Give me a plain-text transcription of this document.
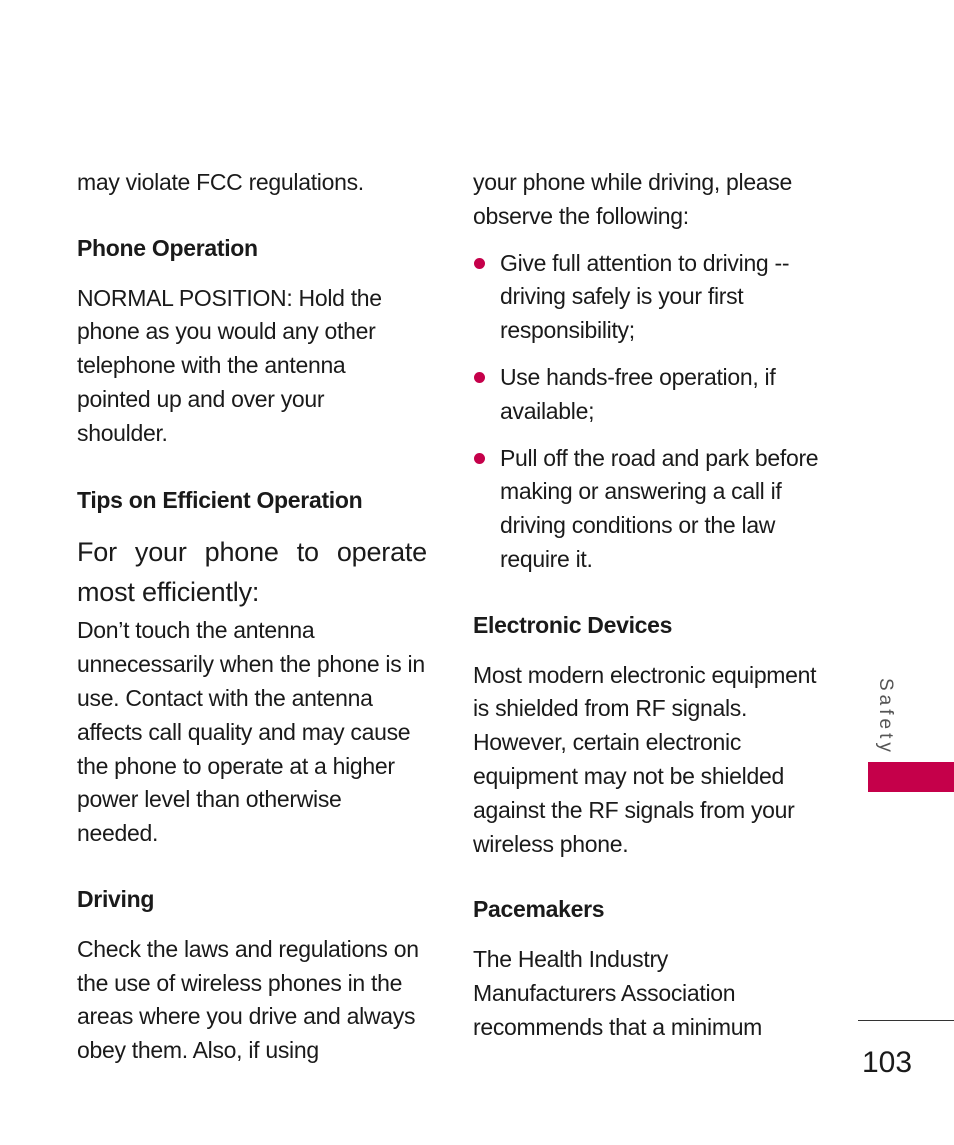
may violate FCC regulations.

Phone Operation

NORMAL POSITION: Hold the phone as you would any other telephone with the antenna pointed up and over your shoulder.

Tips on Efficient Operation

For your phone to operate most efficiently:

Don’t touch the antenna unnecessarily when the phone is in use. Contact with the antenna affects call quality and may cause the phone to operate at a higher power level than otherwise needed.

Driving

Check the laws and regulations on the use of wireless phones in the areas where you drive and always obey them. Also, if using

your phone while driving, please observe the following:

Give full attention to driving -- driving safely is your first responsibility;
Use hands-free operation, if available;
Pull off the road and park before making or answering a call if driving conditions or the law require it.
Electronic Devices

Most modern electronic equipment is shielded from RF signals. However, certain electronic equipment may not be shielded against the RF signals from your wireless phone.

Pacemakers

The Health Industry Manufacturers Association recommends that a minimum

Safety
103
